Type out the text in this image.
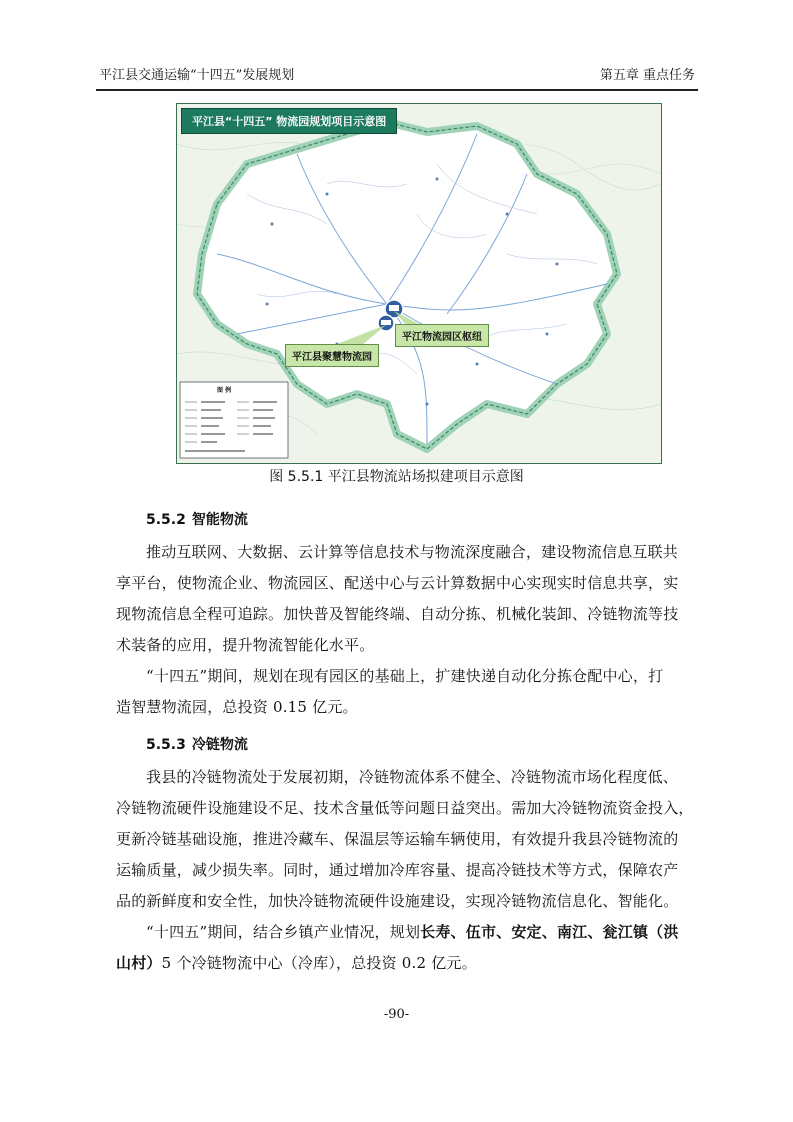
平江县交通运输“十四五”发展规划	第五章 重点任务
平江县“十四五” 物流园规划项目示意图
平江物流园区枢纽
平江县聚慧物流园
图 例
图 5.5.1 平江县物流站场拟建项目示意图
5.5.2 智能物流
推动互联网、大数据、云计算等信息技术与物流深度融合，建设物流信息互联共
享平台，使物流企业、物流园区、配送中心与云计算数据中心实现实时信息共享，实
现物流信息全程可追踪。加快普及智能终端、自动分拣、机械化装卸、冷链物流等技
术装备的应用，提升物流智能化水平。
“十四五”期间，规划在现有园区的基础上，扩建快递自动化分拣仓配中心，打
造智慧物流园，总投资 0.15 亿元。
5.5.3 冷链物流
我县的冷链物流处于发展初期，冷链物流体系不健全、冷链物流市场化程度低、
冷链物流硬件设施建设不足、技术含量低等问题日益突出。需加大冷链物流资金投入，
更新冷链基础设施，推进冷藏车、保温层等运输车辆使用，有效提升我县冷链物流的
运输质量，减少损失率。同时，通过增加冷库容量、提高冷链技术等方式，保障农产
品的新鲜度和安全性，加快冷链物流硬件设施建设，实现冷链物流信息化、智能化。
“十四五”期间，结合乡镇产业情况，规划长寿、伍市、安定、南江、瓮江镇（洪
山村）5 个冷链物流中心（冷库），总投资 0.2 亿元。
-90-
